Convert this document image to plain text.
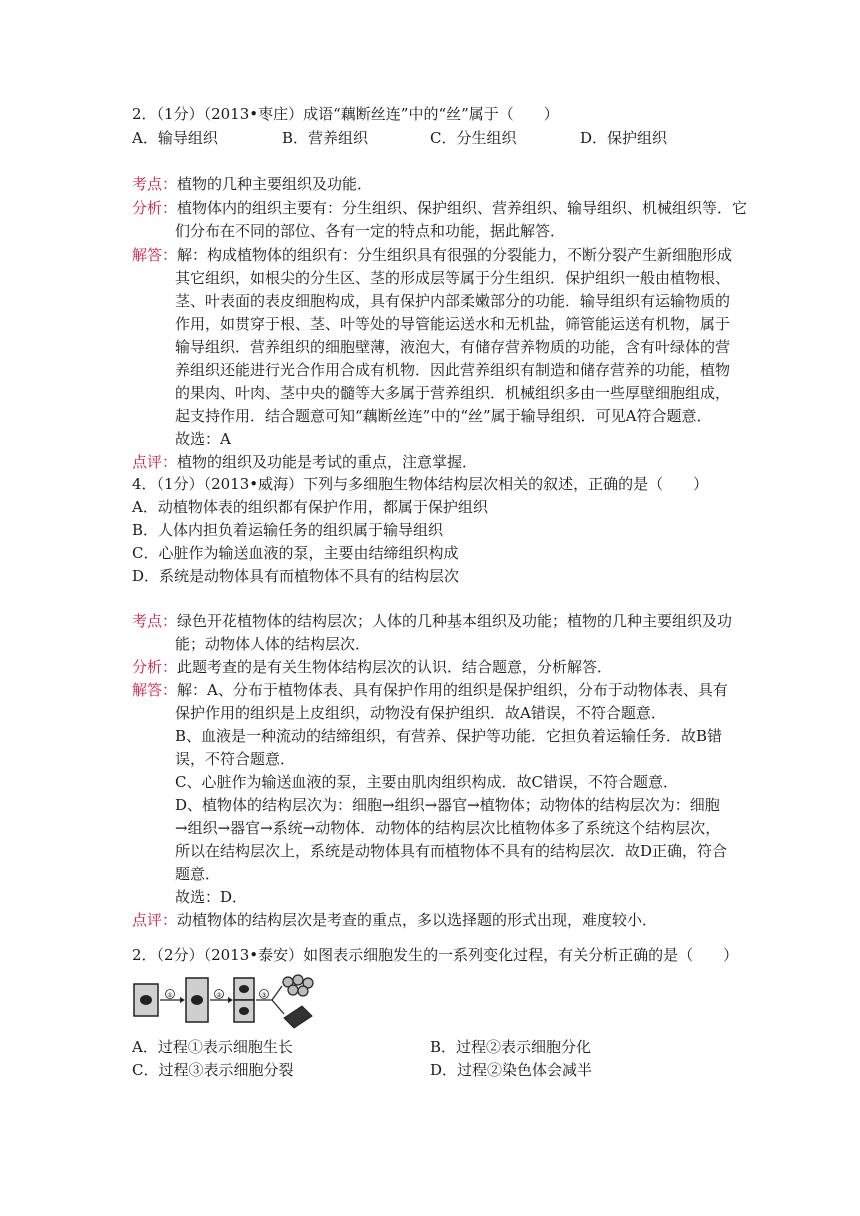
2．（1分）（2013•枣庄）成语“藕断丝连”中的“丝”属于（　　）
A．输导组织	B．营养组织	C．分生组织	D．保护组织
考点：植物的几种主要组织及功能．
分析：植物体内的组织主要有：分生组织、保护组织、营养组织、输导组织、机械组织等．它
们分布在不同的部位、各有一定的特点和功能，据此解答．
解答：解：构成植物体的组织有：分生组织具有很强的分裂能力，不断分裂产生新细胞形成
其它组织，如根尖的分生区、茎的形成层等属于分生组织．保护组织一般由植物根、
茎、叶表面的表皮细胞构成，具有保护内部柔嫩部分的功能．输导组织有运输物质的
作用，如贯穿于根、茎、叶等处的导管能运送水和无机盐，筛管能运送有机物，属于
输导组织．营养组织的细胞壁薄，液泡大，有储存营养物质的功能，含有叶绿体的营
养组织还能进行光合作用合成有机物．因此营养组织有制造和储存营养的功能，植物
的果肉、叶肉、茎中央的髓等大多属于营养组织．机械组织多由一些厚壁细胞组成，
起支持作用．结合题意可知“藕断丝连”中的“丝”属于输导组织．可见A符合题意．
故选：A
点评：植物的组织及功能是考试的重点，注意掌握．
4．（1分）（2013•威海）下列与多细胞生物体结构层次相关的叙述，正确的是（　　）
A．动植物体表的组织都有保护作用，都属于保护组织
B．人体内担负着运输任务的组织属于输导组织
C．心脏作为输送血液的泵，主要由结缔组织构成
D．系统是动物体具有而植物体不具有的结构层次
考点：绿色开花植物体的结构层次；人体的几种基本组织及功能；植物的几种主要组织及功
能；动物体人体的结构层次．
分析：此题考查的是有关生物体结构层次的认识．结合题意，分析解答．
解答：解：A、分布于植物体表、具有保护作用的组织是保护组织，分布于动物体表、具有
保护作用的组织是上皮组织，动物没有保护组织．故A错误，不符合题意．
B、血液是一种流动的结缔组织，有营养、保护等功能．它担负着运输任务．故B错
误，不符合题意．
C、心脏作为输送血液的泵，主要由肌肉组织构成．故C错误，不符合题意．
D、植物体的结构层次为：细胞→组织→器官→植物体；动物体的结构层次为：细胞
→组织→器官→系统→动物体．动物体的结构层次比植物体多了系统这个结构层次，
所以在结构层次上，系统是动物体具有而植物体不具有的结构层次．故D正确，符合
题意．
故选：D．
点评：动植物体的结构层次是考查的重点，多以选择题的形式出现，难度较小．
2．（2分）（2013•泰安）如图表示细胞发生的一系列变化过程，有关分析正确的是（　　）
①	②	③
A．过程①表示细胞生长	B．过程②表示细胞分化
C．过程③表示细胞分裂	D．过程②染色体会减半
